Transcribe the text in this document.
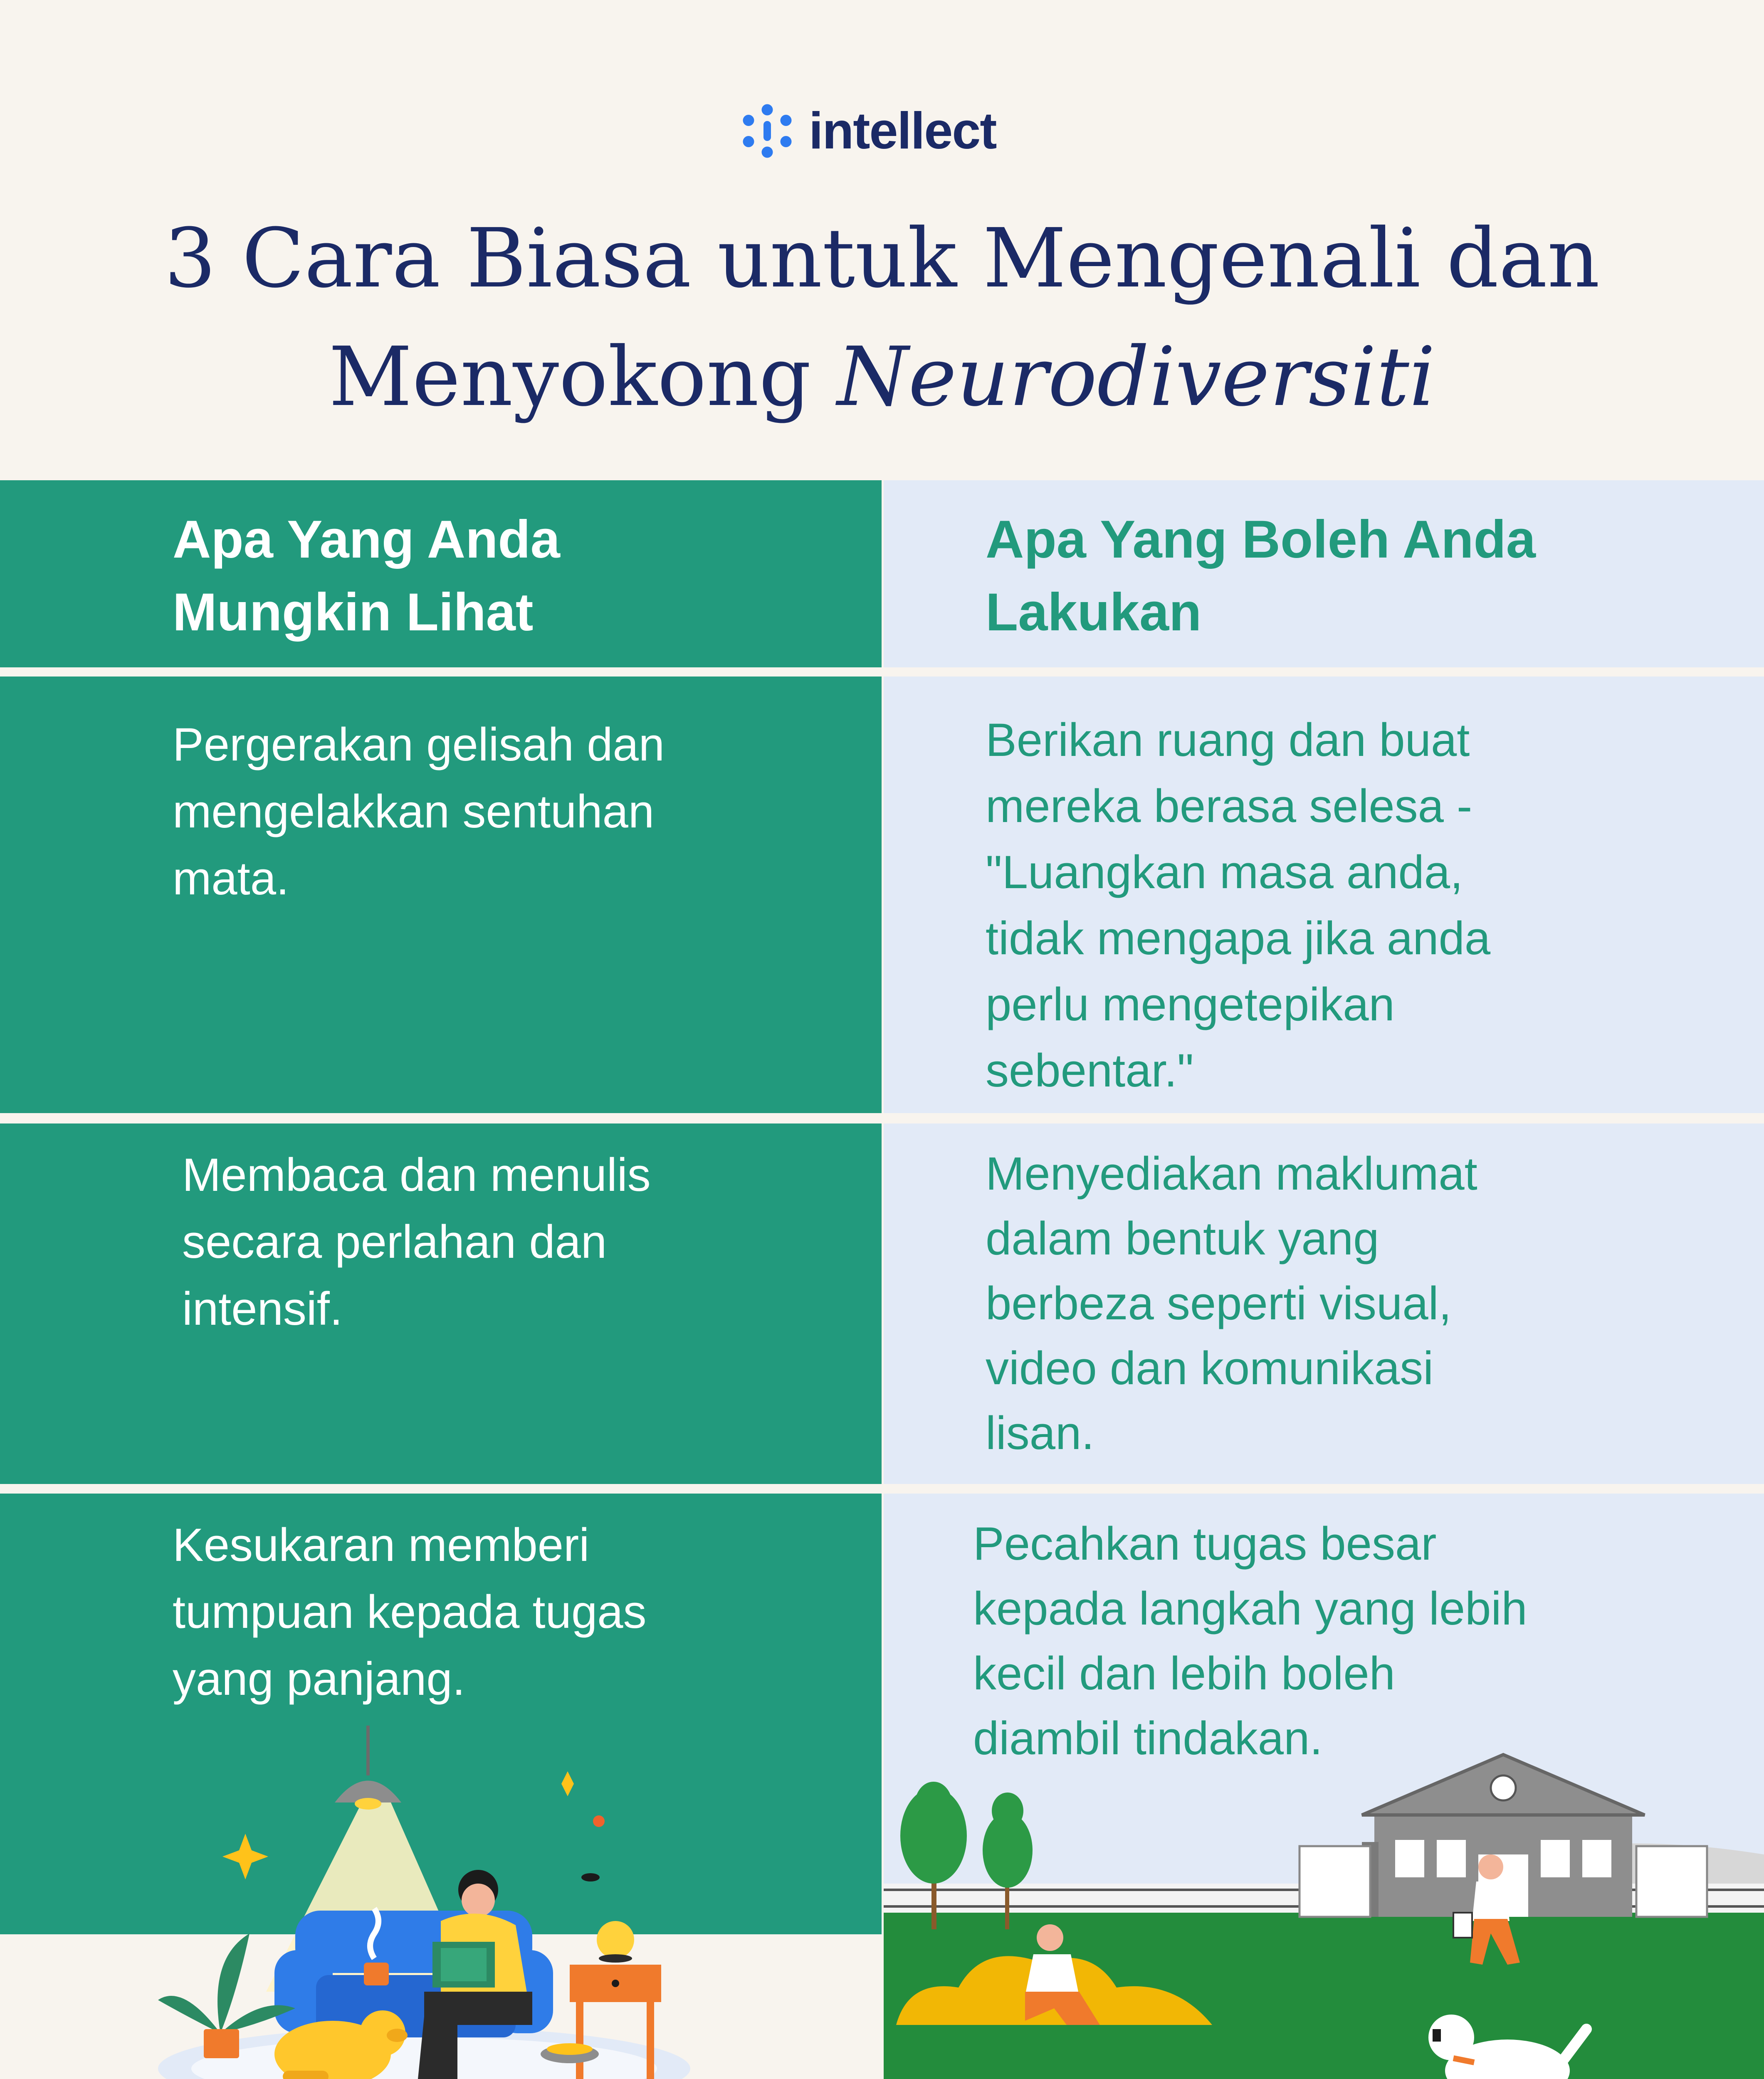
intellect
3 Cara Biasa untuk Mengenali dan
Menyokong Neurodiversiti
Apa Yang Anda
Mungkin Lihat
Apa Yang Boleh Anda
Lakukan
Pergerakan gelisah dan
mengelakkan sentuhan
mata.
Berikan ruang dan buat
mereka berasa selesa -
"Luangkan masa anda,
tidak mengapa jika anda
perlu mengetepikan
sebentar."
Membaca dan menulis
secara perlahan dan
intensif.
Menyediakan maklumat
dalam bentuk yang
berbeza seperti visual,
video dan komunikasi
lisan.
Kesukaran memberi
tumpuan kepada tugas
yang panjang.
Pecahkan tugas besar
kepada langkah yang lebih
kecil dan lebih boleh
diambil tindakan.
